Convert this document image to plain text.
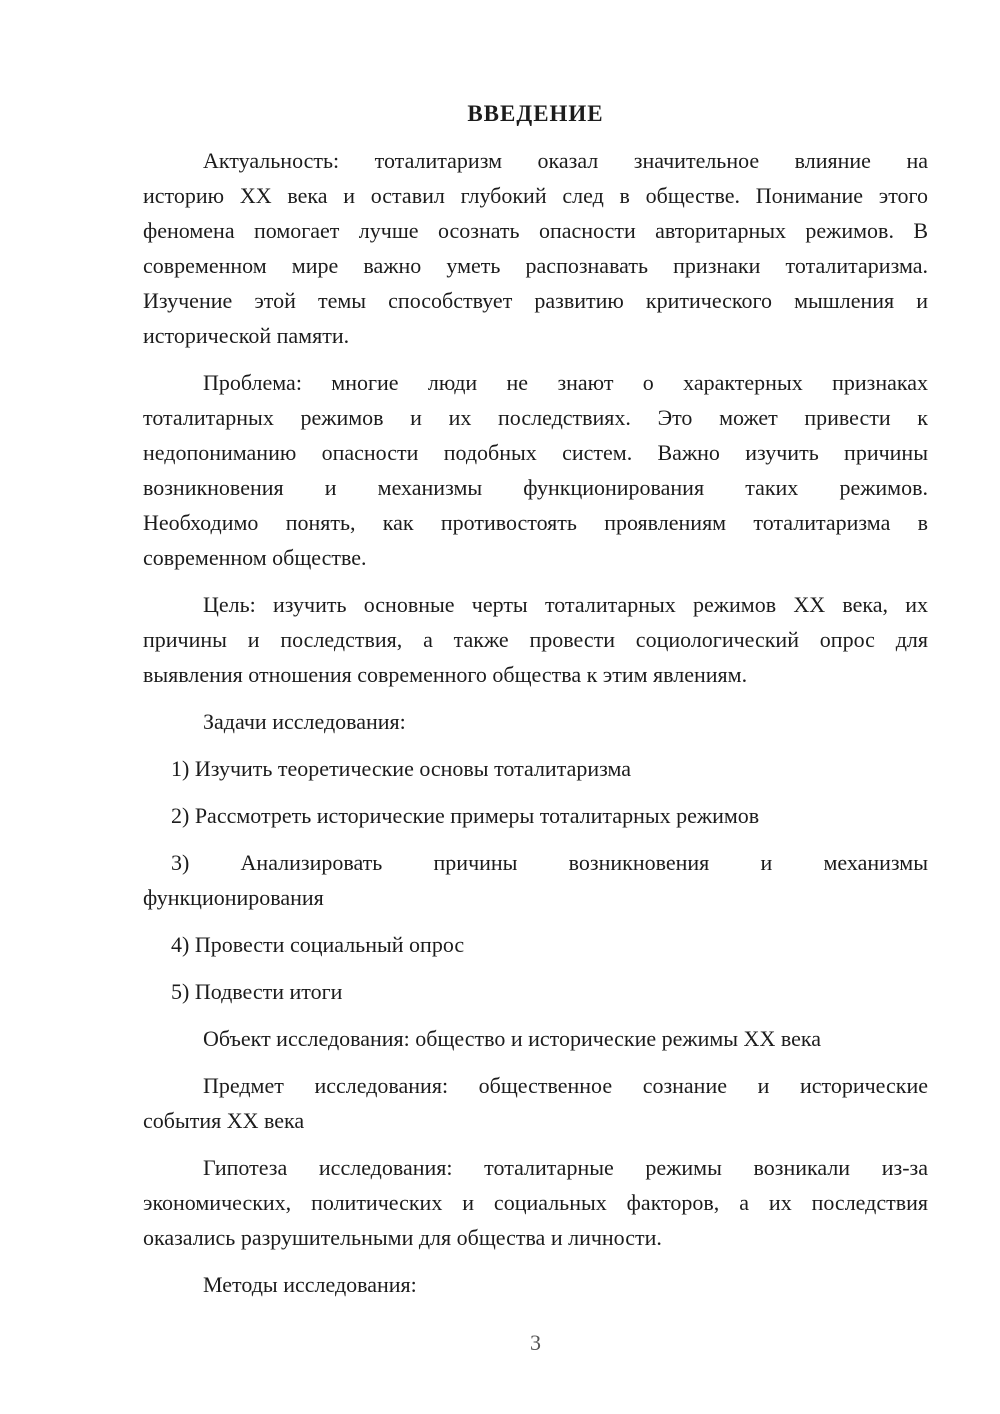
ВВЕДЕНИЕ
Актуальность: тоталитаризм оказал значительное влияние на
историю XX века и оставил глубокий след в обществе. Понимание этого
феномена помогает лучше осознать опасности авторитарных режимов. В
современном мире важно уметь распознавать признаки тоталитаризма.
Изучение этой темы способствует развитию критического мышления и
исторической памяти.
Проблема: многие люди не знают о характерных признаках
тоталитарных режимов и их последствиях. Это может привести к
недопониманию опасности подобных систем. Важно изучить причины
возникновения и механизмы функционирования таких режимов.
Необходимо понять, как противостоять проявлениям тоталитаризма в
современном обществе.
Цель: изучить основные черты тоталитарных режимов XX века, их
причины и последствия, а также провести социологический опрос для
выявления отношения современного общества к этим явлениям.
Задачи исследования:
1) Изучить теоретические основы тоталитаризма
2) Рассмотреть исторические примеры тоталитарных режимов
3) Анализировать причины возникновения и механизмы
функционирования
4) Провести социальный опрос
5) Подвести итоги
Объект исследования: общество и исторические режимы XX века
Предмет исследования: общественное сознание и исторические
события XX века
Гипотеза исследования: тоталитарные режимы возникали из-за
экономических, политических и социальных факторов, а их последствия
оказались разрушительными для общества и личности.
Методы исследования:
3
